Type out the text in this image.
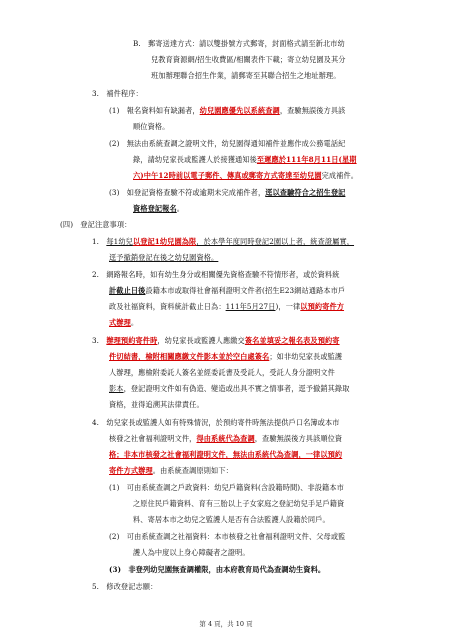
B.　郵寄送達方式：請以雙掛號方式郵寄，封面格式請至新北市幼
兒教育資源網/招生收費區/相關表件下載；寄立幼兒園及其分
班加辦理聯合招生作業，請郵寄至其聯合招生之地址辦理。
3.　補件程序：
(1)　報名資料如有缺漏者，幼兒園應優先以系統查調，查驗無誤後方具該
順位資格。
(2)　無法由系統查調之證明文件，幼兒園得通知補件並應作成公務電話紀
錄，請幼兒家長或監護人於接獲通知後至遲應於111年8月11日(星期
六)中午12時前以電子郵件、傳真或郵寄方式寄達至幼兒園完成補件。
(3)　如登記資格查驗不符或逾期未完成補件者，逕以查驗符合之招生登記
資格登記報名。
(四)　登記注意事項：
1.　每1幼兒以登記1幼兒園為限，於本學年度同時登記2園以上者，統查證屬實，
逕予撤銷登記在後之幼兒園資格。
2.　網路報名時，如有幼生身分或相關優先資格查驗不符情形者，或於資料統
計截止日後設籍本市或取得社會福利證明文件者(招生E23網站通路本市戶
政及社福資料，資料統計截止日為：111年5月27日)，一律以預約寄件方
式辦理。
3.　辦理預約寄件時，幼兒家長或監護人應繳交簽名並填妥之報名表及預約寄
件切結書，檢附相關應繳文件影本並於空白處簽名；如非幼兒家長或監護
人辦理，應檢附委託人簽名並經委託書及受託人，受託人身分證明文件
影本，登記證明文件如有偽造、變造或出具不實之情事者，逕予撤銷其錄取
資格，並得追溯其法律責任。
4.　幼兒家長或監護人如有特殊情況，於預約寄件時無法提供戶口名簿或本市
核發之社會福利證明文件，得由系統代為查調，查驗無誤後方具該順位資
格；非本市核發之社會福利證明文件，無法由系統代為查調，一律以預約
寄件方式辦理。由系統查調原則如下：
(1)　可由系統查調之戶政資料：幼兒戶籍資料(含設籍時間)、非設籍本市
之原住民戶籍資料、育有三胎以上子女家庭之登記幼兒手足戶籍資
料、寄居本市之幼兒之監護人是否有合法監護人設籍於同戶。
(2)　可由系統查調之社福資料：本市核發之社會福利證明文件、父母或監
護人為中度以上身心障礙者之證明。
(3)　非登列幼兒園無查調權限，由本府教育局代為查調幼生資料。
5.　修改登記志願：
第 4 頁，共 10 頁
